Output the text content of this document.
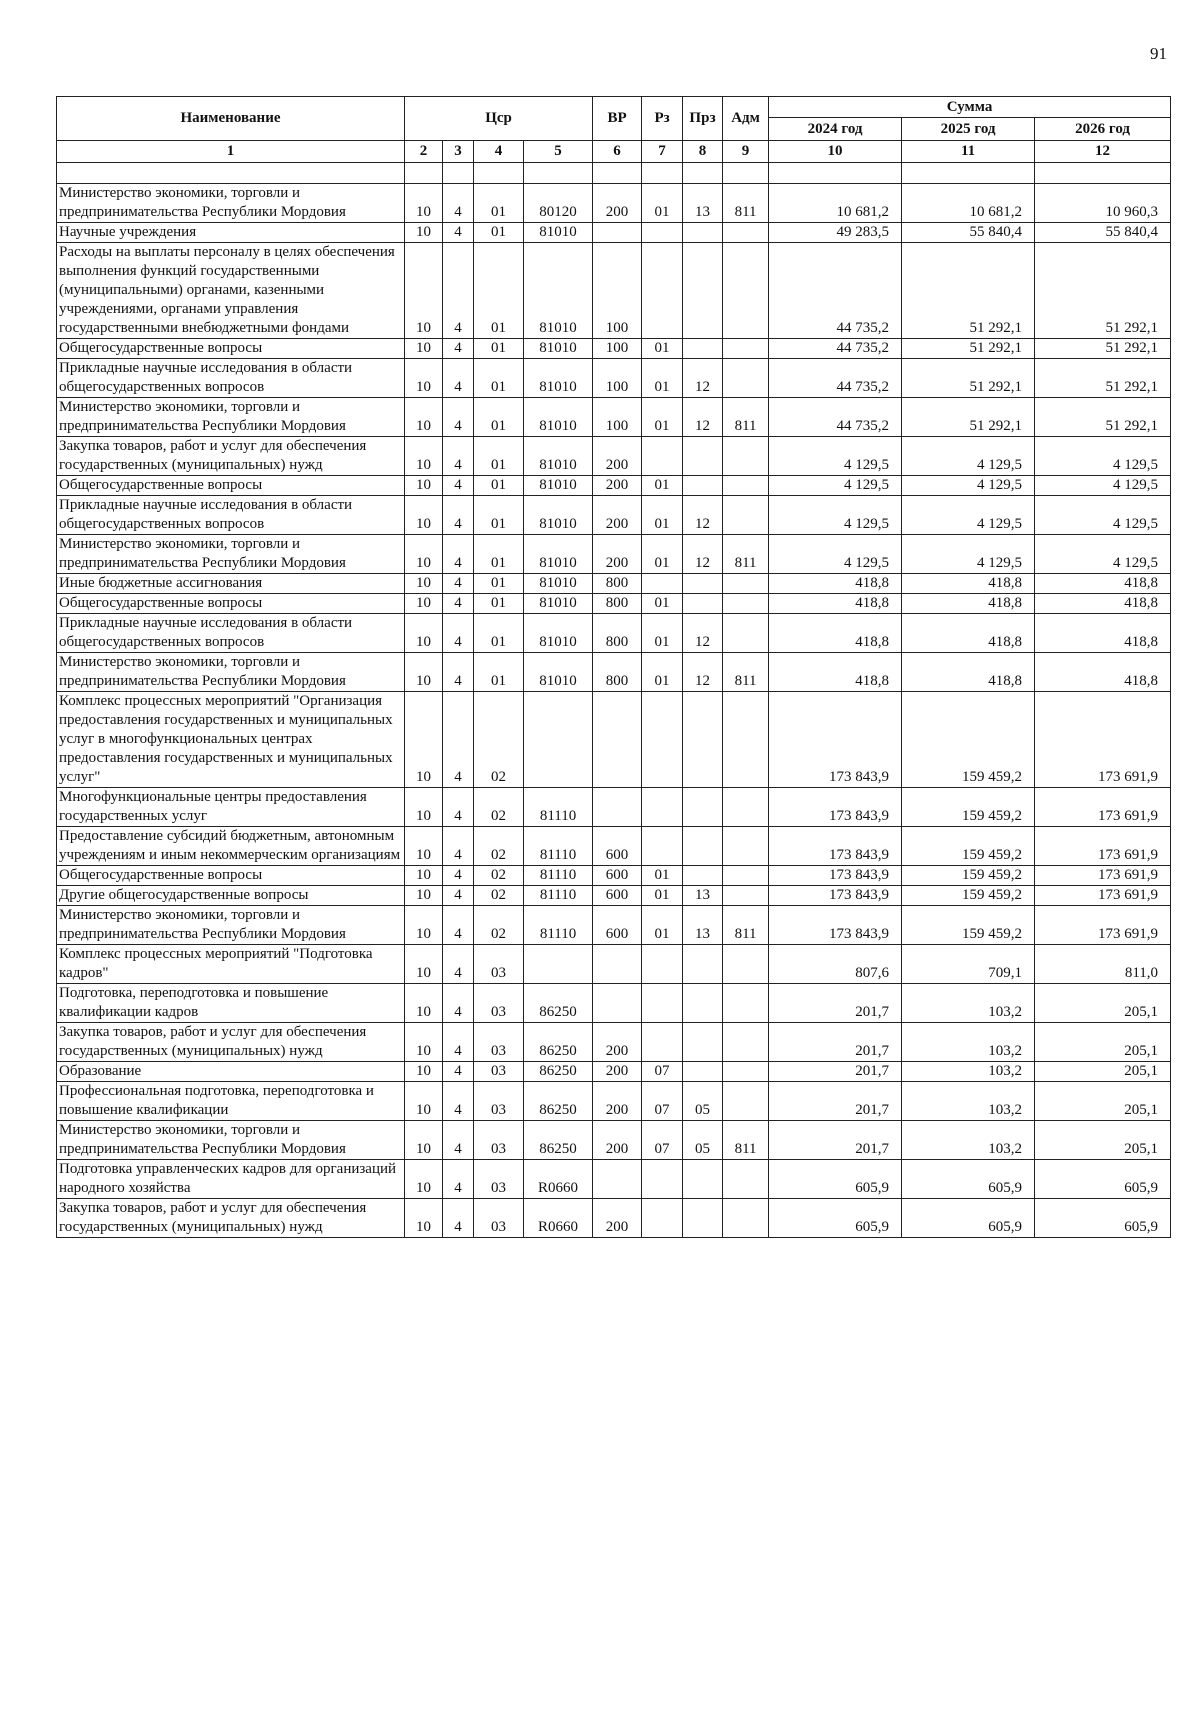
91
Наименование	Цср				ВР	Рз	Прз	Адм	Сумма		
									2024 год	2025 год	2026 год
1	2	3	4	5	6	7	8	9	10	11	12

Министерство экономики, торговли и предпринимательства Республики Мордовия	10	4	01	80120	200	01	13	811	10 681,2	10 681,2	10 960,3
Научные учреждения	10	4	01	81010					49 283,5	55 840,4	55 840,4
Расходы на выплаты персоналу в целях обеспечения выполнения функций государственными (муниципальными) органами, казенными учреждениями, органами управления государственными внебюджетными фондами	10	4	01	81010	100				44 735,2	51 292,1	51 292,1
Общегосударственные вопросы	10	4	01	81010	100	01			44 735,2	51 292,1	51 292,1
Прикладные научные исследования в области общегосударственных вопросов	10	4	01	81010	100	01	12		44 735,2	51 292,1	51 292,1
Министерство экономики, торговли и предпринимательства Республики Мордовия	10	4	01	81010	100	01	12	811	44 735,2	51 292,1	51 292,1
Закупка товаров, работ и услуг для обеспечения государственных (муниципальных) нужд	10	4	01	81010	200				4 129,5	4 129,5	4 129,5
Общегосударственные вопросы	10	4	01	81010	200	01			4 129,5	4 129,5	4 129,5
Прикладные научные исследования в области общегосударственных вопросов	10	4	01	81010	200	01	12		4 129,5	4 129,5	4 129,5
Министерство экономики, торговли и предпринимательства Республики Мордовия	10	4	01	81010	200	01	12	811	4 129,5	4 129,5	4 129,5
Иные бюджетные ассигнования	10	4	01	81010	800				418,8	418,8	418,8
Общегосударственные вопросы	10	4	01	81010	800	01			418,8	418,8	418,8
Прикладные научные исследования в области общегосударственных вопросов	10	4	01	81010	800	01	12		418,8	418,8	418,8
Министерство экономики, торговли и предпринимательства Республики Мордовия	10	4	01	81010	800	01	12	811	418,8	418,8	418,8
Комплекс процессных мероприятий "Организация предоставления государственных и муниципальных услуг в многофункциональных центрах предоставления государственных и муниципальных услуг"	10	4	02						173 843,9	159 459,2	173 691,9
Многофункциональные центры предоставления государственных услуг	10	4	02	81110					173 843,9	159 459,2	173 691,9
Предоставление субсидий бюджетным, автономным учреждениям и иным некоммерческим организациям	10	4	02	81110	600				173 843,9	159 459,2	173 691,9
Общегосударственные вопросы	10	4	02	81110	600	01			173 843,9	159 459,2	173 691,9
Другие общегосударственные вопросы	10	4	02	81110	600	01	13		173 843,9	159 459,2	173 691,9
Министерство экономики, торговли и предпринимательства Республики Мордовия	10	4	02	81110	600	01	13	811	173 843,9	159 459,2	173 691,9
Комплекс процессных мероприятий "Подготовка кадров"	10	4	03						807,6	709,1	811,0
Подготовка, переподготовка и повышение квалификации кадров	10	4	03	86250					201,7	103,2	205,1
Закупка товаров, работ и услуг для обеспечения государственных (муниципальных) нужд	10	4	03	86250	200				201,7	103,2	205,1
Образование	10	4	03	86250	200	07			201,7	103,2	205,1
Профессиональная подготовка, переподготовка и повышение квалификации	10	4	03	86250	200	07	05		201,7	103,2	205,1
Министерство экономики, торговли и предпринимательства Республики Мордовия	10	4	03	86250	200	07	05	811	201,7	103,2	205,1
Подготовка управленческих кадров для организаций народного хозяйства	10	4	03	R0660					605,9	605,9	605,9
Закупка товаров, работ и услуг для обеспечения государственных (муниципальных) нужд	10	4	03	R0660	200				605,9	605,9	605,9
